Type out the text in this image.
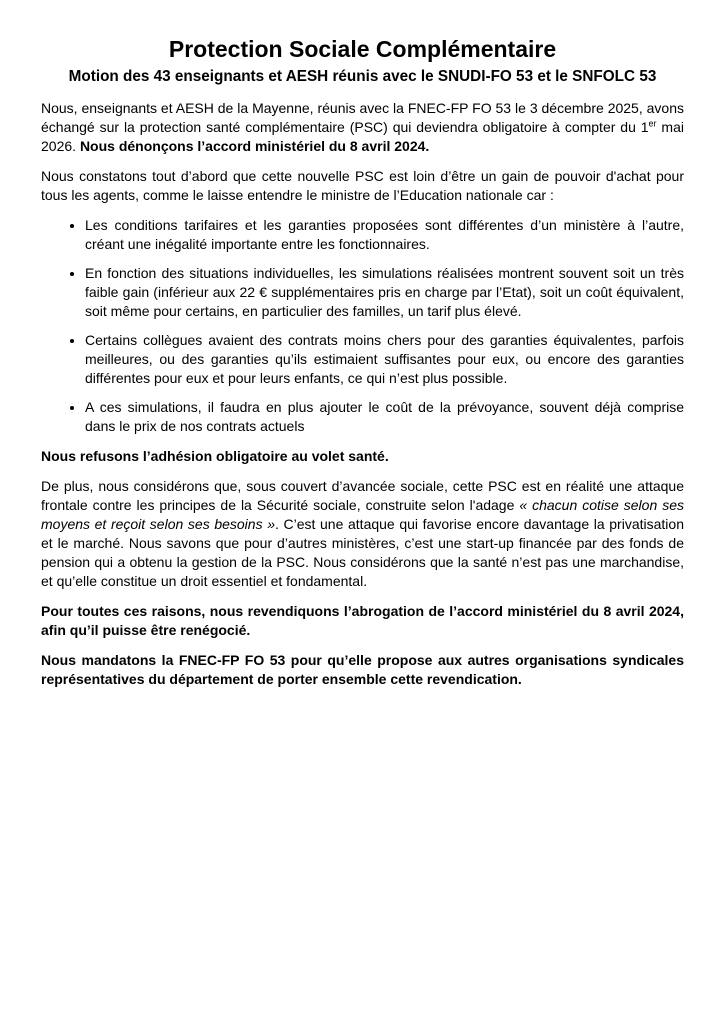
Protection Sociale Complémentaire
Motion des 43 enseignants et AESH réunis avec le SNUDI-FO 53 et le SNFOLC 53

Nous, enseignants et AESH de la Mayenne, réunis avec la FNEC-FP FO 53 le 3 décembre 2025, avons échangé sur la protection santé complémentaire (PSC) qui deviendra obligatoire à compter du 1er mai 2026. Nous dénonçons l’accord ministériel du 8 avril 2024.

Nous constatons tout d’abord que cette nouvelle PSC est loin d’être un gain de pouvoir d'achat pour tous les agents, comme le laisse entendre le ministre de l’Education nationale car :

• Les conditions tarifaires et les garanties proposées sont différentes d’un ministère à l’autre, créant une inégalité importante entre les fonctionnaires.
• En fonction des situations individuelles, les simulations réalisées montrent souvent soit un très faible gain (inférieur aux 22 € supplémentaires pris en charge par l’Etat), soit un coût équivalent, soit même pour certains, en particulier des familles, un tarif plus élevé.
• Certains collègues avaient des contrats moins chers pour des garanties équivalentes, parfois meilleures, ou des garanties qu’ils estimaient suffisantes pour eux, ou encore des garanties différentes pour eux et pour leurs enfants, ce qui n’est plus possible.
• A ces simulations, il faudra en plus ajouter le coût de la prévoyance, souvent déjà comprise dans le prix de nos contrats actuels

Nous refusons l’adhésion obligatoire au volet santé.

De plus, nous considérons que, sous couvert d’avancée sociale, cette PSC est en réalité une attaque frontale contre les principes de la Sécurité sociale, construite selon l'adage « chacun cotise selon ses moyens et reçoit selon ses besoins ». C’est une attaque qui favorise encore davantage la privatisation et le marché. Nous savons que pour d’autres ministères, c’est une start-up financée par des fonds de pension qui a obtenu la gestion de la PSC. Nous considérons que la santé n’est pas une marchandise, et qu’elle constitue un droit essentiel et fondamental.

Pour toutes ces raisons, nous revendiquons l’abrogation de l’accord ministériel du 8 avril 2024, afin qu’il puisse être renégocié.

Nous mandatons la FNEC-FP FO 53 pour qu’elle propose aux autres organisations syndicales représentatives du département de porter ensemble cette revendication.
